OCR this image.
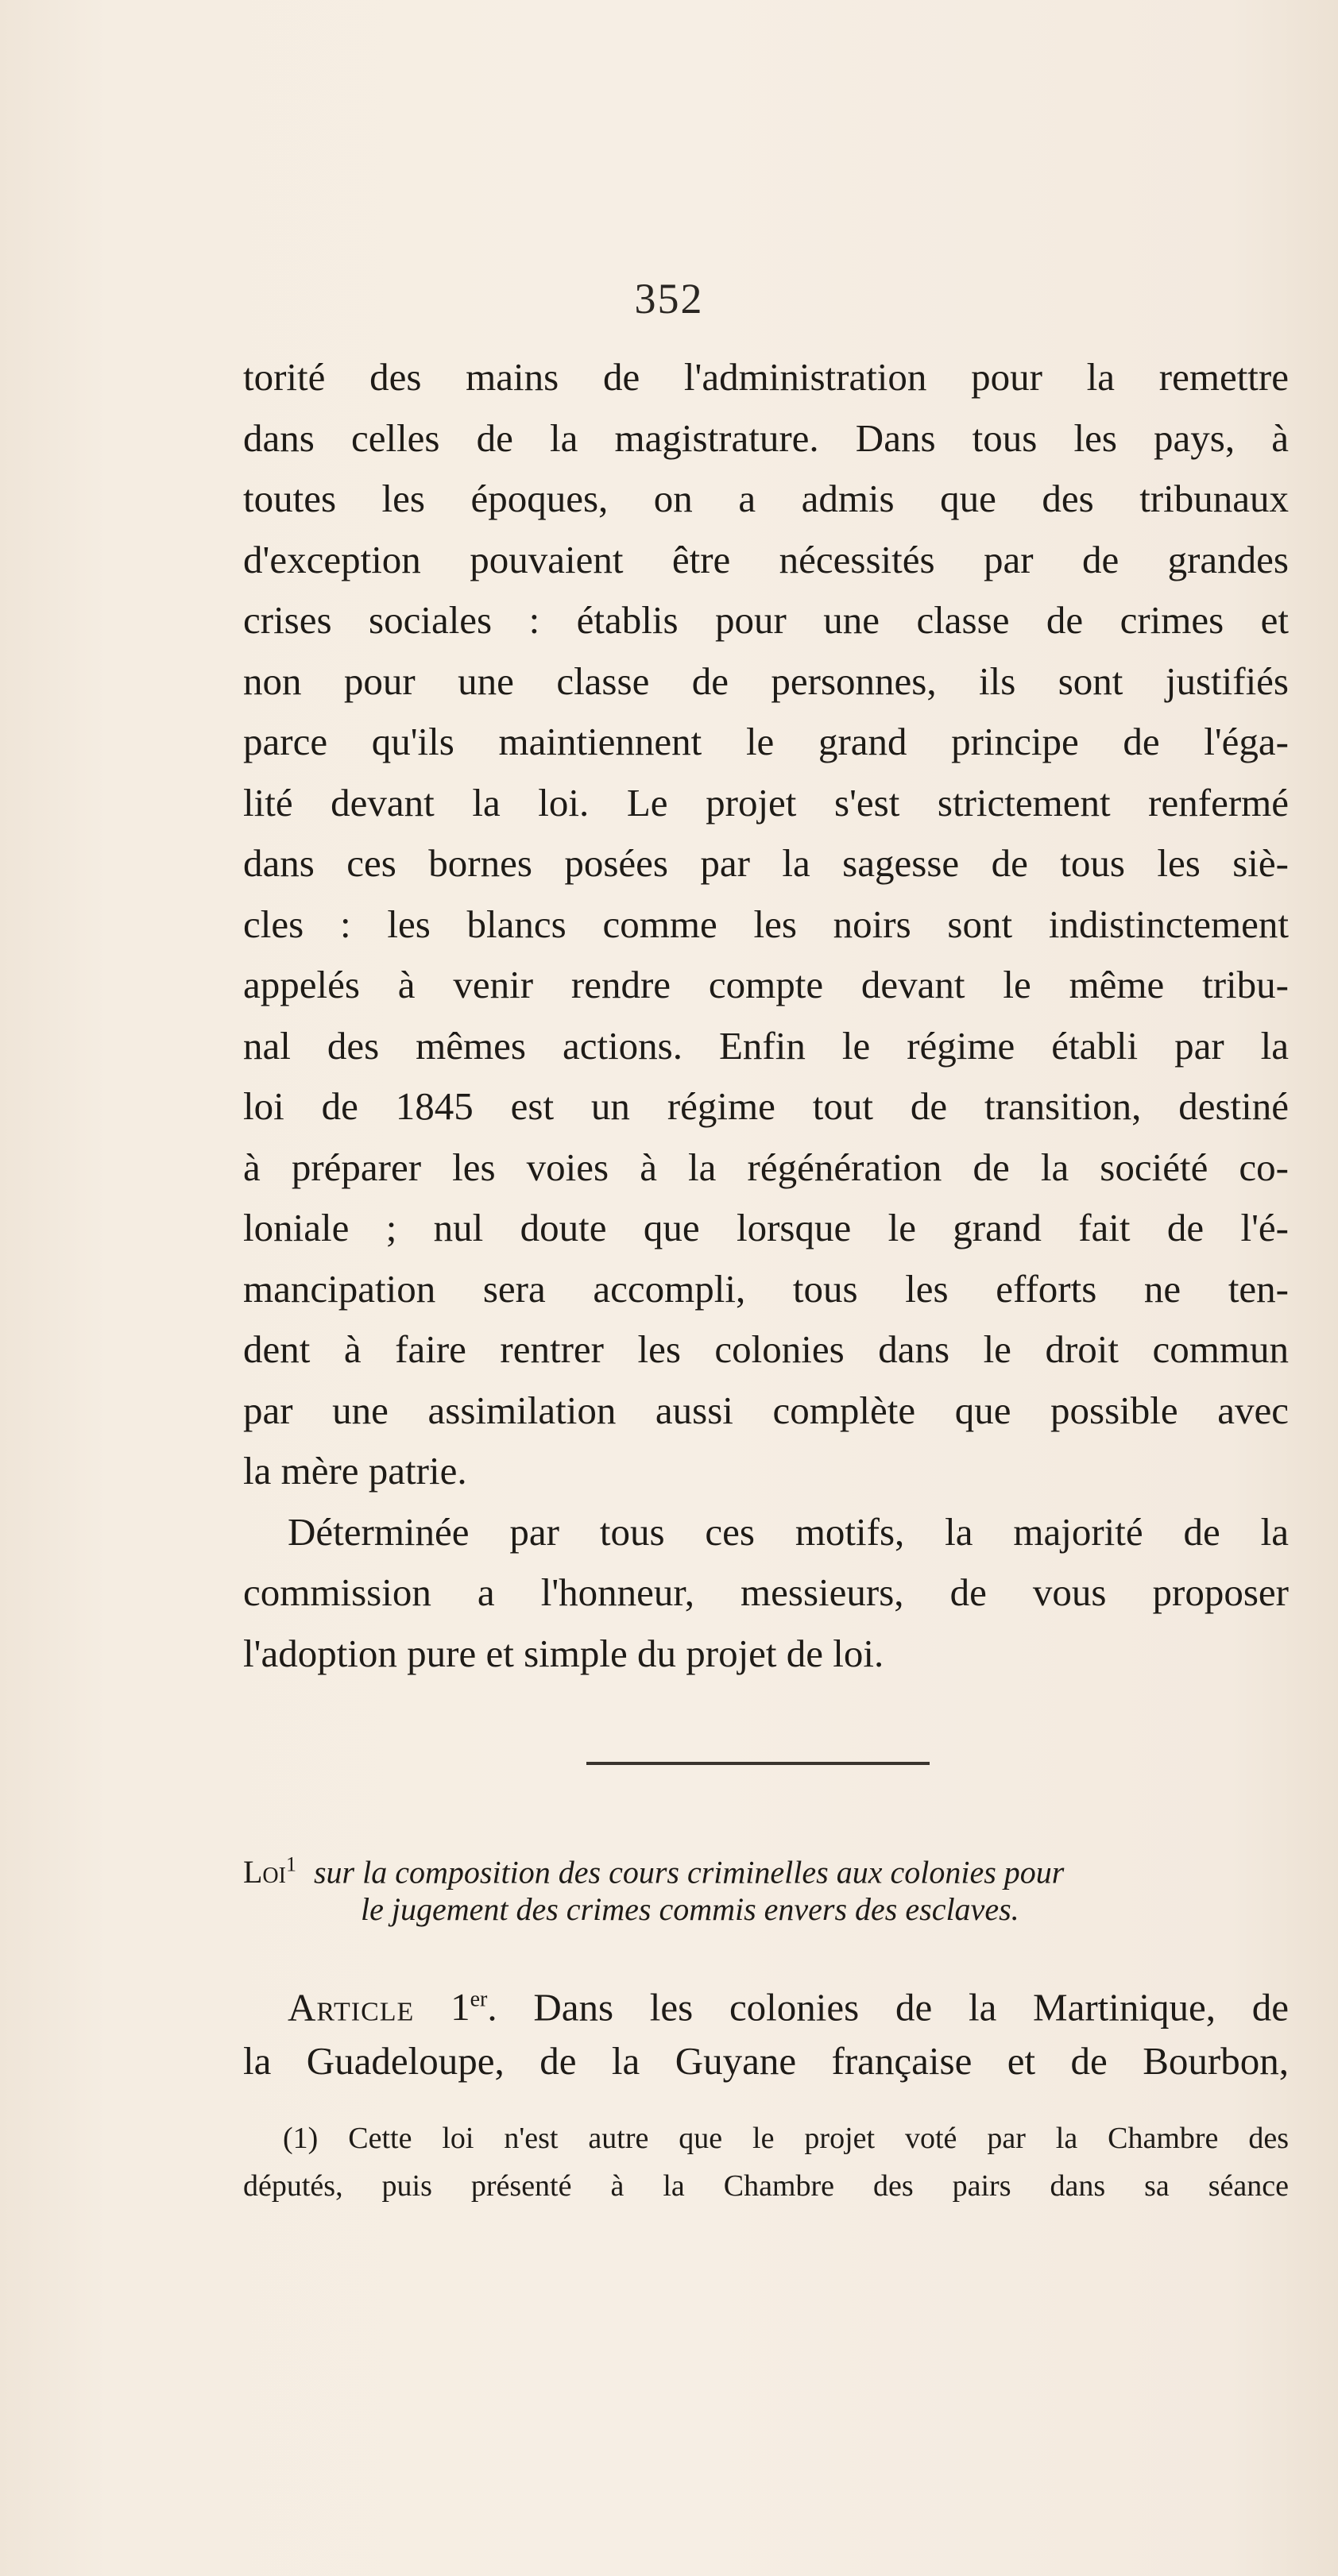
352
torité des mains de l'administration pour la remettre
dans celles de la magistrature. Dans tous les pays, à
toutes les époques, on a admis que des tribunaux
d'exception pouvaient être nécessités par de grandes
crises sociales : établis pour une classe de crimes et
non pour une classe de personnes, ils sont justifiés
parce qu'ils maintiennent le grand principe de l'éga-
lité devant la loi. Le projet s'est strictement renfermé
dans ces bornes posées par la sagesse de tous les siè-
cles : les blancs comme les noirs sont indistinctement
appelés à venir rendre compte devant le même tribu-
nal des mêmes actions. Enfin le régime établi par la
loi de 1845 est un régime tout de transition, destiné
à préparer les voies à la régénération de la société co-
loniale ; nul doute que lorsque le grand fait de l'é-
mancipation sera accompli, tous les efforts ne ten-
dent à faire rentrer les colonies dans le droit commun
par une assimilation aussi complète que possible avec
la mère patrie.
Déterminée par tous ces motifs, la majorité de la
commission a l'honneur, messieurs, de vous proposer
l'adoption pure et simple du projet de loi.
Loi$^1$ sur la composition des cours criminelles aux colonies pour
le jugement des crimes commis envers des esclaves.
Article 1er. Dans les colonies de la Martinique, de
la Guadeloupe, de la Guyane française et de Bourbon,
(1) Cette loi n'est autre que le projet voté par la Chambre des
députés, puis présenté à la Chambre des pairs dans sa séance
